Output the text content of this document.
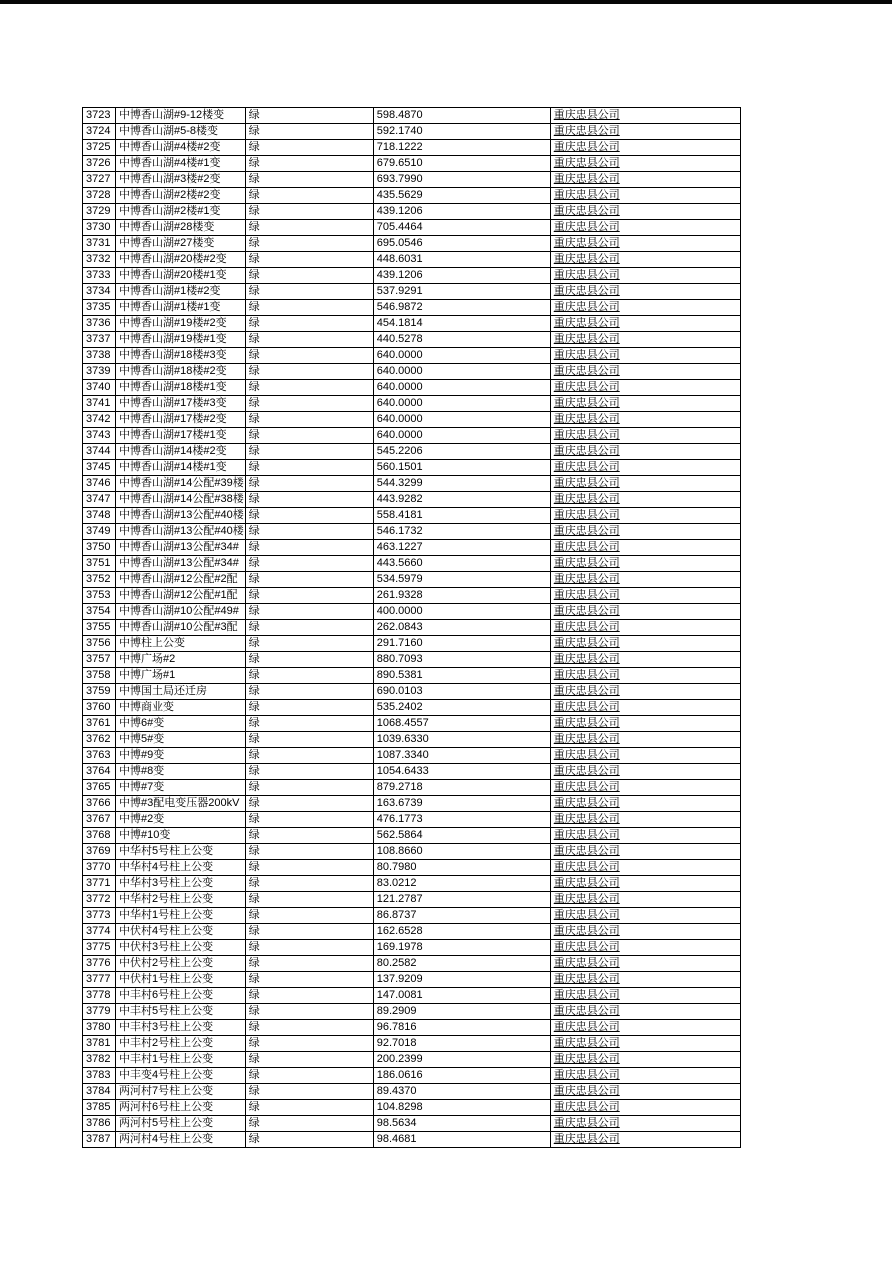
3723	中博香山湖#9-12楼变	绿	598.4870	重庆忠县公司
3724	中博香山湖#5-8楼变	绿	592.1740	重庆忠县公司
3725	中博香山湖#4楼#2变	绿	718.1222	重庆忠县公司
3726	中博香山湖#4楼#1变	绿	679.6510	重庆忠县公司
3727	中博香山湖#3楼#2变	绿	693.7990	重庆忠县公司
3728	中博香山湖#2楼#2变	绿	435.5629	重庆忠县公司
3729	中博香山湖#2楼#1变	绿	439.1206	重庆忠县公司
3730	中博香山湖#28楼变	绿	705.4464	重庆忠县公司
3731	中博香山湖#27楼变	绿	695.0546	重庆忠县公司
3732	中博香山湖#20楼#2变	绿	448.6031	重庆忠县公司
3733	中博香山湖#20楼#1变	绿	439.1206	重庆忠县公司
3734	中博香山湖#1楼#2变	绿	537.9291	重庆忠县公司
3735	中博香山湖#1楼#1变	绿	546.9872	重庆忠县公司
3736	中博香山湖#19楼#2变	绿	454.1814	重庆忠县公司
3737	中博香山湖#19楼#1变	绿	440.5278	重庆忠县公司
3738	中博香山湖#18楼#3变	绿	640.0000	重庆忠县公司
3739	中博香山湖#18楼#2变	绿	640.0000	重庆忠县公司
3740	中博香山湖#18楼#1变	绿	640.0000	重庆忠县公司
3741	中博香山湖#17楼#3变	绿	640.0000	重庆忠县公司
3742	中博香山湖#17楼#2变	绿	640.0000	重庆忠县公司
3743	中博香山湖#17楼#1变	绿	640.0000	重庆忠县公司
3744	中博香山湖#14楼#2变	绿	545.2206	重庆忠县公司
3745	中博香山湖#14楼#1变	绿	560.1501	重庆忠县公司
3746	中博香山湖#14公配#39楼	绿	544.3299	重庆忠县公司
3747	中博香山湖#14公配#38楼	绿	443.9282	重庆忠县公司
3748	中博香山湖#13公配#40楼	绿	558.4181	重庆忠县公司
3749	中博香山湖#13公配#40楼	绿	546.1732	重庆忠县公司
3750	中博香山湖#13公配#34#	绿	463.1227	重庆忠县公司
3751	中博香山湖#13公配#34#	绿	443.5660	重庆忠县公司
3752	中博香山湖#12公配#2配	绿	534.5979	重庆忠县公司
3753	中博香山湖#12公配#1配	绿	261.9328	重庆忠县公司
3754	中博香山湖#10公配#49#	绿	400.0000	重庆忠县公司
3755	中博香山湖#10公配#3配	绿	262.0843	重庆忠县公司
3756	中博柱上公变	绿	291.7160	重庆忠县公司
3757	中博广场#2	绿	880.7093	重庆忠县公司
3758	中博广场#1	绿	890.5381	重庆忠县公司
3759	中博国土局还迁房	绿	690.0103	重庆忠县公司
3760	中博商业变	绿	535.2402	重庆忠县公司
3761	中博6#变	绿	1068.4557	重庆忠县公司
3762	中博5#变	绿	1039.6330	重庆忠县公司
3763	中博#9变	绿	1087.3340	重庆忠县公司
3764	中博#8变	绿	1054.6433	重庆忠县公司
3765	中博#7变	绿	879.2718	重庆忠县公司
3766	中博#3配电变压器200kV	绿	163.6739	重庆忠县公司
3767	中博#2变	绿	476.1773	重庆忠县公司
3768	中博#10变	绿	562.5864	重庆忠县公司
3769	中华村5号柱上公变	绿	108.8660	重庆忠县公司
3770	中华村4号柱上公变	绿	80.7980	重庆忠县公司
3771	中华村3号柱上公变	绿	83.0212	重庆忠县公司
3772	中华村2号柱上公变	绿	121.2787	重庆忠县公司
3773	中华村1号柱上公变	绿	86.8737	重庆忠县公司
3774	中伏村4号柱上公变	绿	162.6528	重庆忠县公司
3775	中伏村3号柱上公变	绿	169.1978	重庆忠县公司
3776	中伏村2号柱上公变	绿	80.2582	重庆忠县公司
3777	中伏村1号柱上公变	绿	137.9209	重庆忠县公司
3778	中丰村6号柱上公变	绿	147.0081	重庆忠县公司
3779	中丰村5号柱上公变	绿	89.2909	重庆忠县公司
3780	中丰村3号柱上公变	绿	96.7816	重庆忠县公司
3781	中丰村2号柱上公变	绿	92.7018	重庆忠县公司
3782	中丰村1号柱上公变	绿	200.2399	重庆忠县公司
3783	中丰变4号柱上公变	绿	186.0616	重庆忠县公司
3784	两河村7号柱上公变	绿	89.4370	重庆忠县公司
3785	两河村6号柱上公变	绿	104.8298	重庆忠县公司
3786	两河村5号柱上公变	绿	98.5634	重庆忠县公司
3787	两河村4号柱上公变	绿	98.4681	重庆忠县公司
